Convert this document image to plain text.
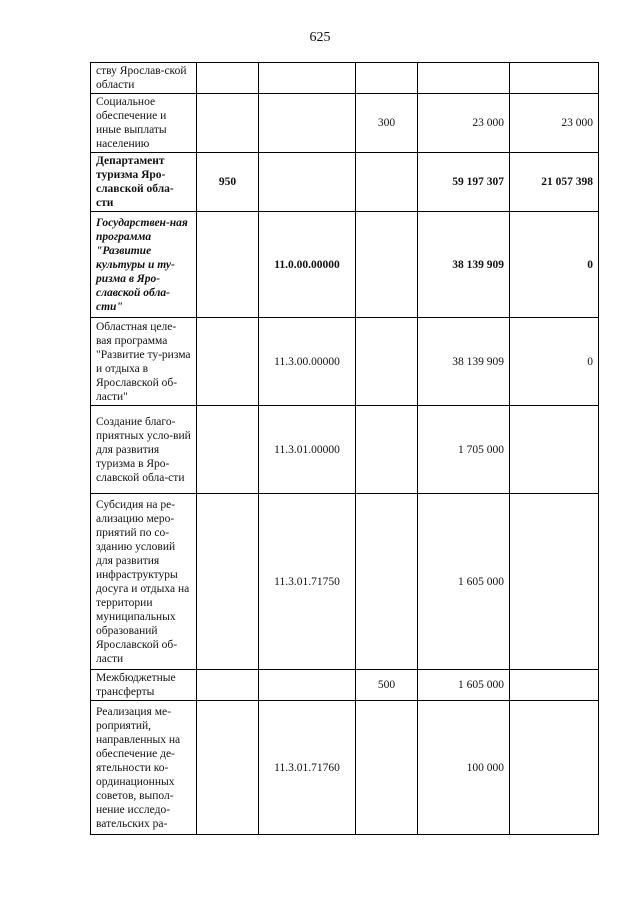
625
ству Ярослав-ской области					
Социальное обеспечение и иные выплаты населению			300	23 000	23 000
Департамент туризма Яро-славской обла-сти	950			59 197 307	21 057 398
Государствен-ная программа "Развитие культуры и ту-ризма в Яро-славской обла-сти"		11.0.00.00000		38 139 909	0
Областная целе-вая программа "Развитие ту-ризма и отдыха в Ярославской об-ласти"		11.3.00.00000		38 139 909	0
Создание благо-приятных усло-вий для развития туризма в Яро-славской обла-сти		11.3.01.00000		1 705 000	
Субсидия на ре-ализацию меро-приятий по со-зданию условий для развития инфраструктуры досуга и отдыха на территории муниципальных образований Ярославской об-ласти		11.3.01.71750		1 605 000	
Межбюджетные трансферты			500	1 605 000	
Реализация ме-роприятий, направленных на обеспечение де-ятельности ко-ординационных советов, выпол-нение исследо-вательских ра-		11.3.01.71760		100 000	
